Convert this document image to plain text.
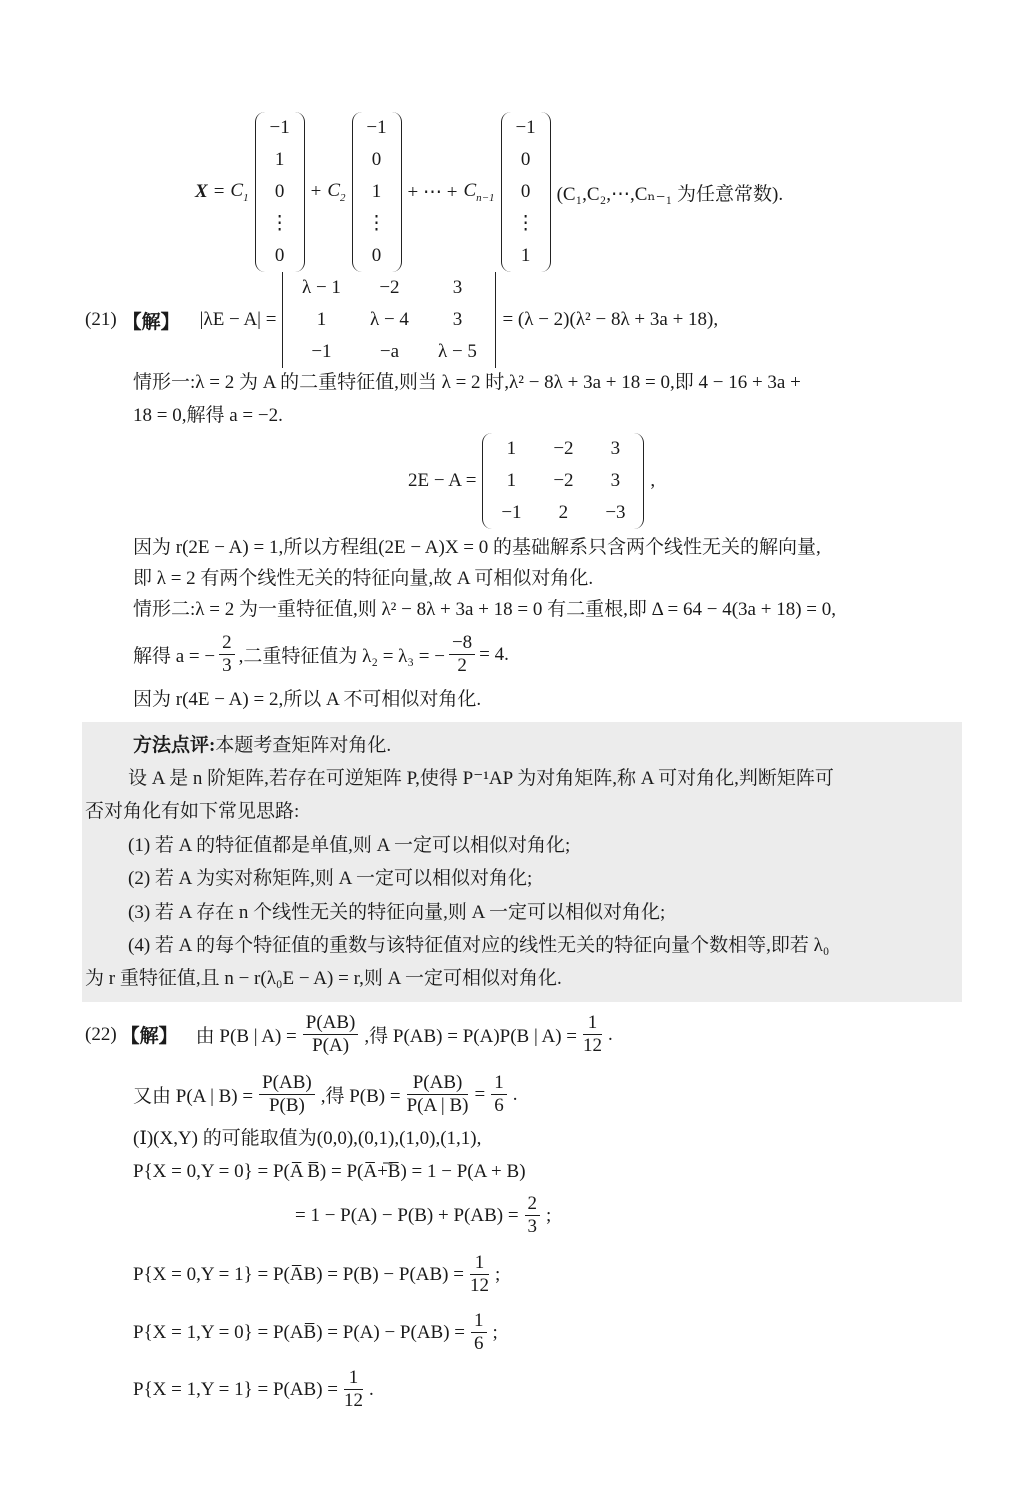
$X = C_1$
−1
1
0
⋮
0
+ $C_2$
−1
0
1
⋮
0
+ ⋯ + $C_{n-1}$
−1
0
0
⋮
1
(C₁,C₂,⋯,Cₙ₋₁ 为任意常数).
(21) 【解】 |λE − A| =
λ − 1	−2	3
1	λ − 4	3
−1	−a	λ − 5
= (λ − 2)(λ² − 8λ + 3a + 18),
情形一:λ = 2 为 A 的二重特征值,则当 λ = 2 时,λ² − 8λ + 3a + 18 = 0,即 4 − 16 + 3a +
18 = 0,解得 a = −2.
2E − A =
1	−2	3
1	−2	3
−1	2	−3
,
因为 r(2E − A) = 1,所以方程组(2E − A)X = 0 的基础解系只含两个线性无关的解向量,
即 λ = 2 有两个线性无关的特征向量,故 A 可相似对角化.
情形二:λ = 2 为一重特征值,则 λ² − 8λ + 3a + 18 = 0 有二重根,即 Δ = 64 − 4(3a + 18) = 0,
解得 a = − $\frac{2}{3}$ ,二重特征值为 λ₂ = λ₃ = − $\frac{-8}{2} = 4$.
因为 r(4E − A) = 2,所以 A 不可相似对角化.
方法点评:本题考查矩阵对角化.
设 A 是 n 阶矩阵,若存在可逆矩阵 P,使得 P⁻¹AP 为对角矩阵,称 A 可对角化,判断矩阵可
否对角化有如下常见思路:
(1) 若 A 的特征值都是单值,则 A 一定可以相似对角化;
(2) 若 A 为实对称矩阵,则 A 一定可以相似对角化;
(3) 若 A 存在 n 个线性无关的特征向量,则 A 一定可以相似对角化;
(4) 若 A 的每个特征值的重数与该特征值对应的线性无关的特征向量个数相等,即若 λ₀
为 r 重特征值,且 n − r(λ₀E − A) = r,则 A 一定可相似对角化.
(22) 【解】 由 P(B | $A) = \frac{P(AB)}{P(A)}$ ,得 P(AB) = P(A)P(B | $A) = \frac{1}{12}$ .
又由 P(A | $B) = \frac{P(AB)}{P(B)}$ ,得 $P(B) = \frac{P(AB)}{P(A | B)} = \frac{1}{6}$ .
(Ⅰ)(X,Y) 的可能取值为(0,0),(0,1),(1,0),(1,1),
P{X = 0,Y = 0} = P(A̅ B̅) = P(A̅+̅B̅) = 1 − P(A + B)
= $1 - P(A) - P(B) + P(AB) = \frac{2}{3}$ ;
P{X = 0,Y = 1} = P(A̅B) = $P(B) - P(AB) = \frac{1}{12}$ ;
P{X = 1,Y = 0} = P(AB̅) = $P(A) - P(AB) = \frac{1}{6}$ ;
$P\{X = 1,Y = 1\} = P(AB) = \frac{1}{12}$ .
